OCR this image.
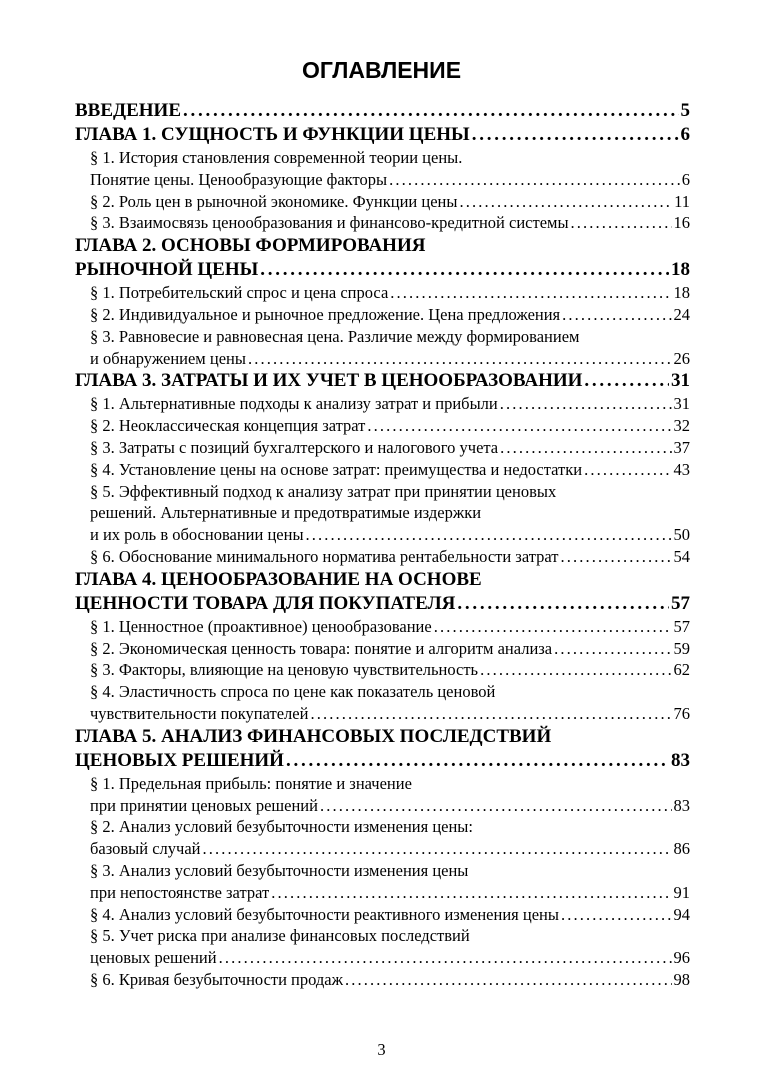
ОГЛАВЛЕНИЕ
ВВЕДЕНИЕ . . .	5
ГЛАВА 1. СУЩНОСТЬ И ФУНКЦИИ ЦЕНЫ . . .	6
§ 1. История становления современной теории цены.
Понятие цены. Ценообразующие факторы . . .	6
§ 2. Роль цен в рыночной экономике. Функции цены . . .	11
§ 3. Взаимосвязь ценообразования и финансово-кредитной системы . . .	16
ГЛАВА 2. ОСНОВЫ ФОРМИРОВАНИЯ
РЫНОЧНОЙ ЦЕНЫ . . .	18
§ 1. Потребительский спрос и цена спроса . . .	18
§ 2. Индивидуальное и рыночное предложение. Цена предложения . . .	24
§ 3. Равновесие и равновесная цена. Различие между формированием
и обнаружением цены . . .	26
ГЛАВА 3. ЗАТРАТЫ И ИХ УЧЕТ В ЦЕНООБРАЗОВАНИИ . . .	31
§ 1. Альтернативные подходы к анализу затрат и прибыли . . .	31
§ 2. Неоклассическая концепция затрат . . .	32
§ 3. Затраты с позиций бухгалтерского и налогового учета . . .	37
§ 4. Установление цены на основе затрат: преимущества и недостатки . . .	43
§ 5. Эффективный подход к анализу затрат при принятии ценовых
решений. Альтернативные и предотвратимые издержки
и их роль в обосновании цены . . .	50
§ 6. Обоснование минимального норматива рентабельности затрат . . .	54
ГЛАВА 4. ЦЕНООБРАЗОВАНИЕ НА ОСНОВЕ
ЦЕННОСТИ ТОВАРА ДЛЯ ПОКУПАТЕЛЯ . . .	57
§ 1. Ценностное (проактивное) ценообразование . . .	57
§ 2. Экономическая ценность товара: понятие и алгоритм анализа . . .	59
§ 3. Факторы, влияющие на ценовую чувствительность . . .	62
§ 4. Эластичность спроса по цене как показатель ценовой
чувствительности покупателей . . .	76
ГЛАВА 5. АНАЛИЗ ФИНАНСОВЫХ ПОСЛЕДСТВИЙ
ЦЕНОВЫХ РЕШЕНИЙ . . .	83
§ 1. Предельная прибыль: понятие и значение
при принятии ценовых решений . . .	83
§ 2. Анализ условий безубыточности изменения цены:
базовый случай . . .	86
§ 3. Анализ условий безубыточности изменения цены
при непостоянстве затрат . . .	91
§ 4. Анализ условий безубыточности реактивного изменения цены . . .	94
§ 5. Учет риска при анализе финансовых последствий
ценовых решений . . .	96
§ 6. Кривая безубыточности продаж . . .	98
3
